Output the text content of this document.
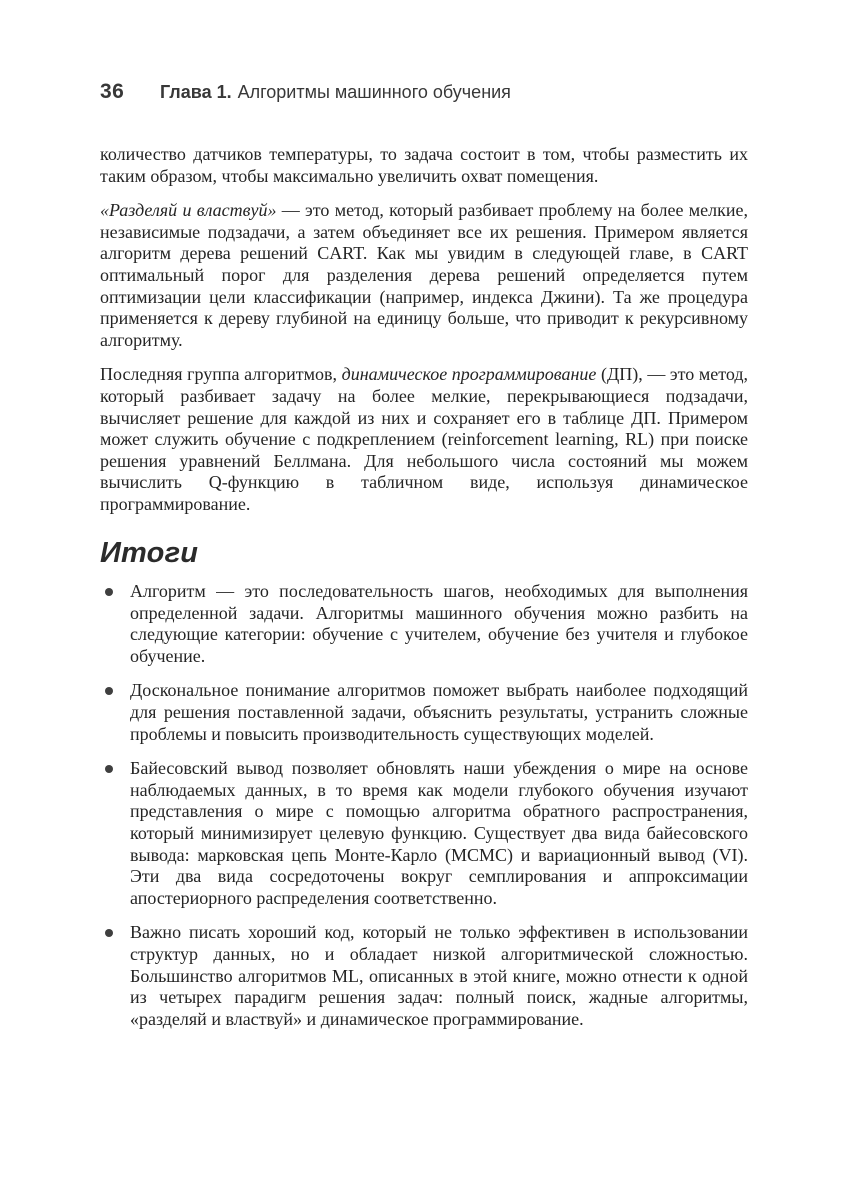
36	Глава 1. Алгоритмы машинного обучения

количество датчиков температуры, то задача состоит в том, чтобы разместить их таким образом, чтобы максимально увеличить охват помещения.

«Разделяй и властвуй» — это метод, который разбивает проблему на более мелкие, независимые подзадачи, а затем объединяет все их решения. Примером является алгоритм дерева решений CART. Как мы увидим в следующей главе, в CART оптимальный порог для разделения дерева решений определяется путем оптимизации цели классификации (например, индекса Джини). Та же процедура применяется к дереву глубиной на единицу больше, что приводит к рекурсивному алгоритму.

Последняя группа алгоритмов, динамическое программирование (ДП), — это метод, который разбивает задачу на более мелкие, перекрывающиеся подзадачи, вычисляет решение для каждой из них и сохраняет его в таблице ДП. Примером может служить обучение с подкреплением (reinforcement learning, RL) при поиске решения уравнений Беллмана. Для небольшого числа состояний мы можем вычислить Q-функцию в табличном виде, используя динамическое программирование.

Итоги
Алгоритм — это последовательность шагов, необходимых для выполнения определенной задачи. Алгоритмы машинного обучения можно разбить на следующие категории: обучение с учителем, обучение без учителя и глубокое обучение.
Доскональное понимание алгоритмов поможет выбрать наиболее подходящий для решения поставленной задачи, объяснить результаты, устранить сложные проблемы и повысить производительность существующих моделей.
Байесовский вывод позволяет обновлять наши убеждения о мире на основе наблюдаемых данных, в то время как модели глубокого обучения изучают представления о мире с помощью алгоритма обратного распространения, который минимизирует целевую функцию. Существует два вида байесовского вывода: марковская цепь Монте-Карло (MCMC) и вариационный вывод (VI). Эти два вида сосредоточены вокруг семплирования и аппроксимации апостериорного распределения соответственно.
Важно писать хороший код, который не только эффективен в использовании структур данных, но и обладает низкой алгоритмической сложностью. Большинство алгоритмов ML, описанных в этой книге, можно отнести к одной из четырех парадигм решения задач: полный поиск, жадные алгоритмы, «разделяй и властвуй» и динамическое программирование.
